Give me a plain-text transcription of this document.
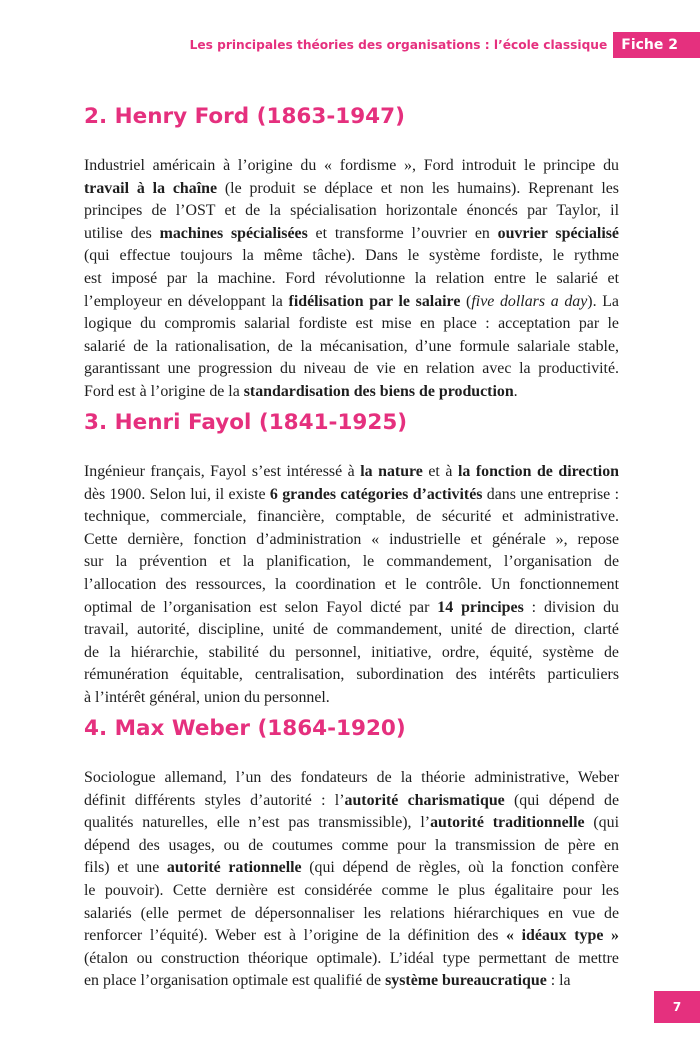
Les principales théories des organisations : l’école classique	Fiche 2
2. Henry Ford (1863-1947)
Industriel américain à l’origine du « fordisme », Ford introduit le principe du
travail à la chaîne (le produit se déplace et non les humains). Reprenant les
principes de l’OST et de la spécialisation horizontale énoncés par Taylor, il
utilise des machines spécialisées et transforme l’ouvrier en ouvrier spécialisé
(qui effectue toujours la même tâche). Dans le système fordiste, le rythme
est imposé par la machine. Ford révolutionne la relation entre le salarié et
l’employeur en développant la fidélisation par le salaire (five dollars a day). La
logique du compromis salarial fordiste est mise en place : acceptation par le
salarié de la rationalisation, de la mécanisation, d’une formule salariale stable,
garantissant une progression du niveau de vie en relation avec la productivité.
Ford est à l’origine de la standardisation des biens de production.
3. Henri Fayol (1841-1925)
Ingénieur français, Fayol s’est intéressé à la nature et à la fonction de direction
dès 1900. Selon lui, il existe 6 grandes catégories d’activités dans une entreprise :
technique, commerciale, financière, comptable, de sécurité et administrative.
Cette dernière, fonction d’administration « industrielle et générale », repose
sur la prévention et la planification, le commandement, l’organisation de
l’allocation des ressources, la coordination et le contrôle. Un fonctionnement
optimal de l’organisation est selon Fayol dicté par 14 principes : division du
travail, autorité, discipline, unité de commandement, unité de direction, clarté
de la hiérarchie, stabilité du personnel, initiative, ordre, équité, système de
rémunération équitable, centralisation, subordination des intérêts particuliers
à l’intérêt général, union du personnel.
4. Max Weber (1864-1920)
Sociologue allemand, l’un des fondateurs de la théorie administrative, Weber
définit différents styles d’autorité : l’autorité charismatique (qui dépend de
qualités naturelles, elle n’est pas transmissible), l’autorité traditionnelle (qui
dépend des usages, ou de coutumes comme pour la transmission de père en
fils) et une autorité rationnelle (qui dépend de règles, où la fonction confère
le pouvoir). Cette dernière est considérée comme le plus égalitaire pour les
salariés (elle permet de dépersonnaliser les relations hiérarchiques en vue de
renforcer l’équité). Weber est à l’origine de la définition des « idéaux type »
(étalon ou construction théorique optimale). L’idéal type permettant de mettre
en place l’organisation optimale est qualifié de système bureaucratique : la
7
